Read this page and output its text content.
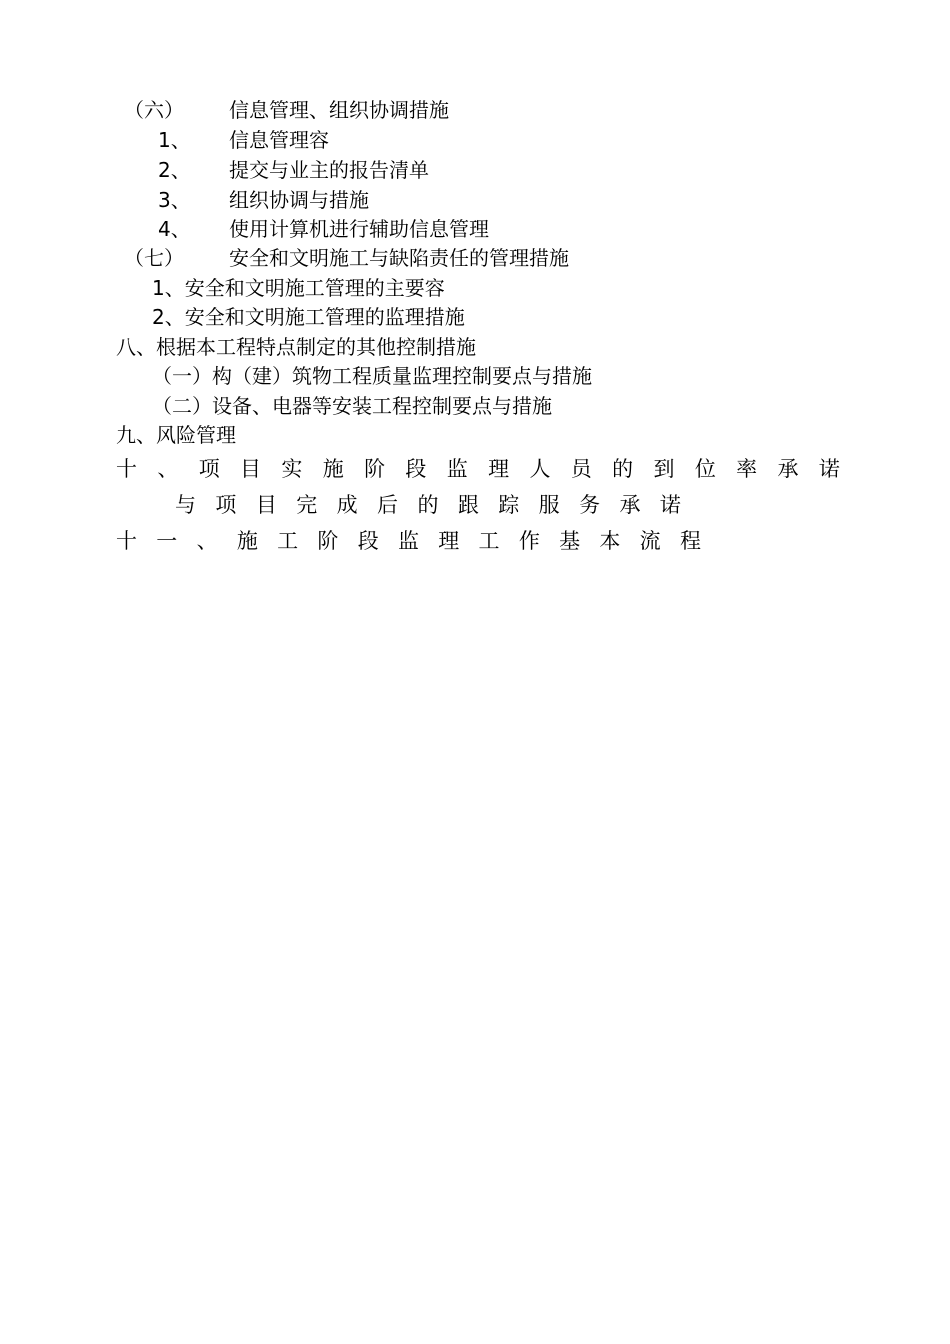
（六） 信息管理、组织协调措施
1、 信息管理容
2、 提交与业主的报告清单
3、 组织协调与措施
4、 使用计算机进行辅助信息管理
（七） 安全和文明施工与缺陷责任的管理措施
1、安全和文明施工管理的主要容
2、安全和文明施工管理的监理措施
八、根据本工程特点制定的其他控制措施
（一）构（建）筑物工程质量监理控制要点与措施
（二）设备、电器等安装工程控制要点与措施
九、风险管理
十 、 项 目 实 施 阶 段 监 理 人 员 的 到 位 率 承 诺
与 项 目 完 成 后 的 跟 踪 服 务 承 诺
十 一 、 施 工 阶 段 监 理 工 作 基 本 流 程
